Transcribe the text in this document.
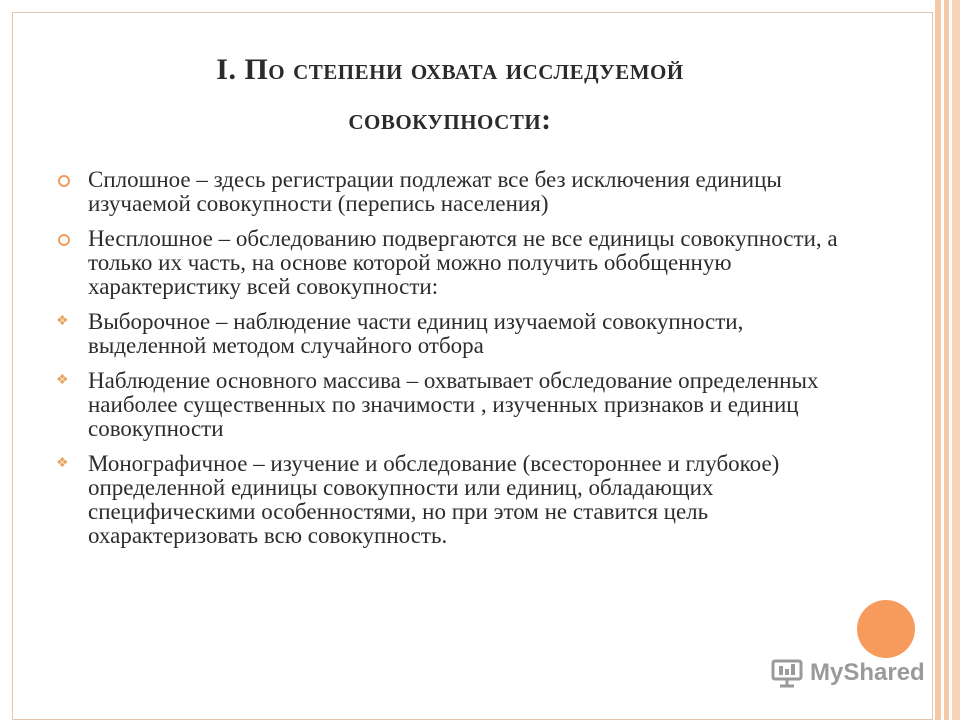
I. По степени охвата исследуемой
совокупности:
Сплошное – здесь регистрации подлежат все без исключения единицы изучаемой совокупности (перепись населения)
Несплошное – обследованию подвергаются не все единицы совокупности, а только их часть, на основе которой можно получить обобщенную характеристику всей совокупности:
❖ Выборочное – наблюдение части единиц изучаемой совокупности, выделенной методом случайного отбора
❖ Наблюдение основного массива – охватывает обследование определенных наиболее существенных по значимости , изученных признаков и единиц совокупности
❖ Монографичное – изучение и обследование (всестороннее и глубокое) определенной единицы совокупности или единиц, обладающих специфическими особенностями, но при этом не ставится цель охарактеризовать всю совокупность.
MyShared
